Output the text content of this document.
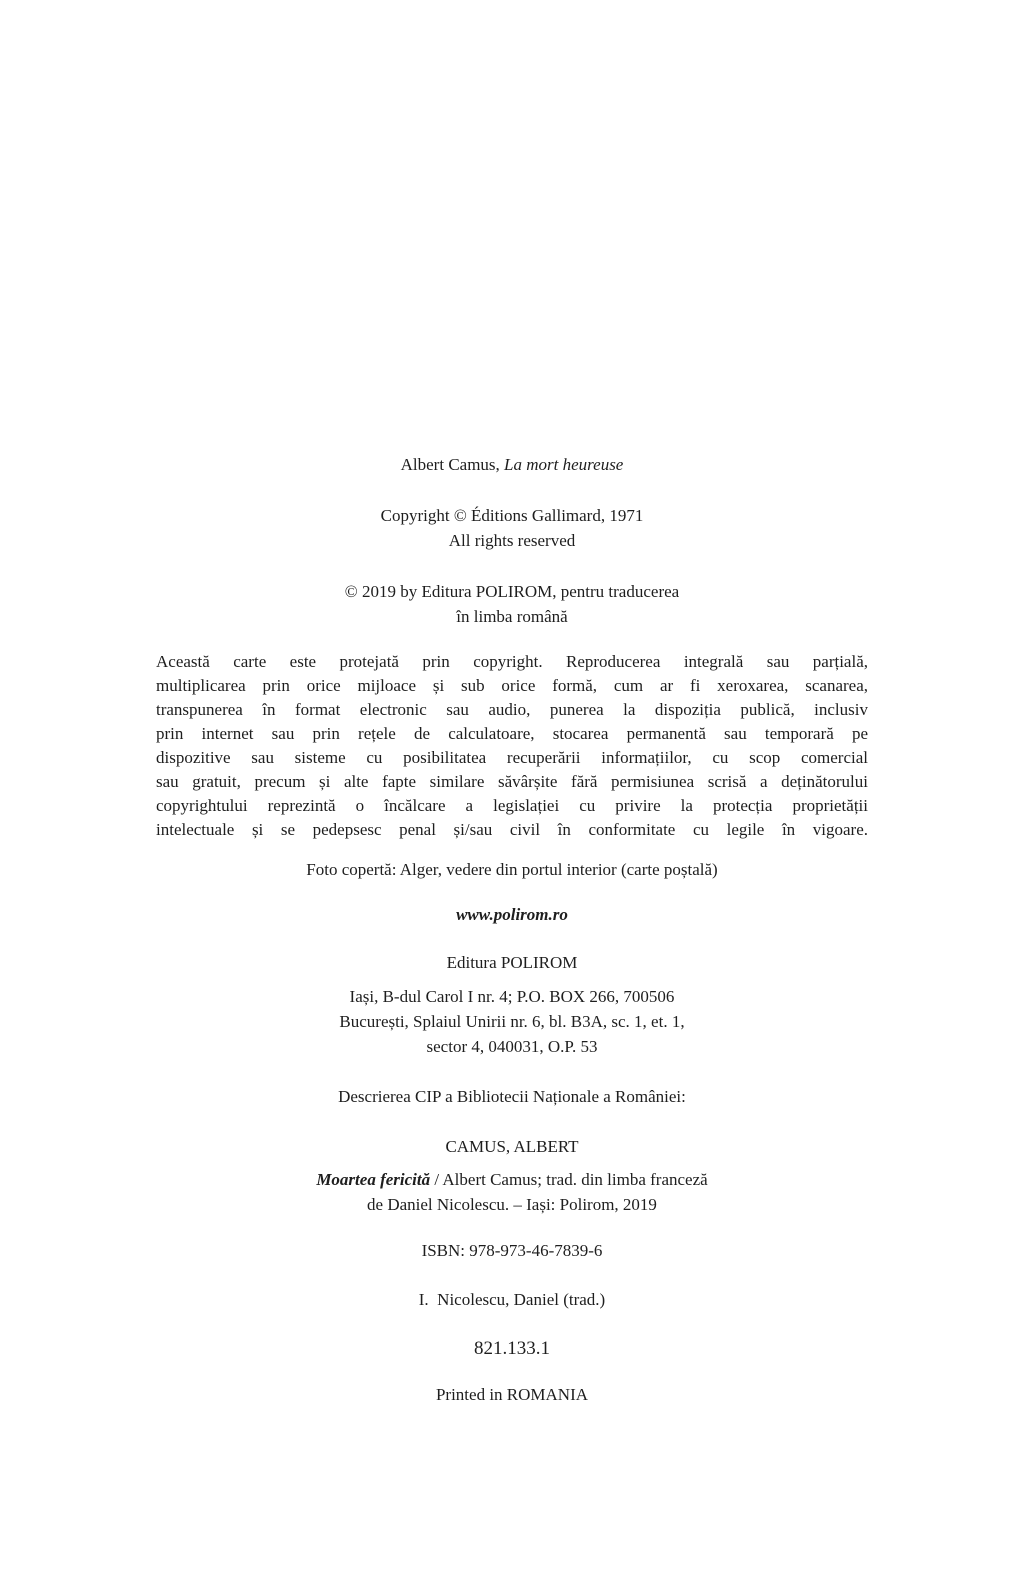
Albert Camus, La mort heureuse

Copyright © Éditions Gallimard, 1971

All rights reserved

© 2019 by Editura POLIROM, pentru traducerea

în limba română

Această carte este protejată prin copyright. Reproducerea integrală sau parțială,
multiplicarea prin orice mijloace și sub orice formă, cum ar fi xeroxarea, scanarea,
transpunerea în format electronic sau audio, punerea la dispoziția publică, inclusiv
prin internet sau prin rețele de calculatoare, stocarea permanentă sau temporară pe
dispozitive sau sisteme cu posibilitatea recuperării informațiilor, cu scop comercial
sau gratuit, precum și alte fapte similare săvârșite fără permisiunea scrisă a deținătorului
copyrightului reprezintă o încălcare a legislației cu privire la protecția proprietății
intelectuale și se pedepsesc penal și/sau civil în conformitate cu legile în vigoare.

Foto copertă: Alger, vedere din portul interior (carte poștală)

www.polirom.ro

Editura POLIROM

Iași, B-dul Carol I nr. 4; P.O. BOX 266, 700506

București, Splaiul Unirii nr. 6, bl. B3A, sc. 1, et. 1,

sector 4, 040031, O.P. 53

Descrierea CIP a Bibliotecii Naționale a României:

CAMUS, ALBERT

Moartea fericită / Albert Camus; trad. din limba franceză

de Daniel Nicolescu. – Iași: Polirom, 2019

ISBN: 978-973-46-7839-6

I.  Nicolescu, Daniel (trad.)

821.133.1

Printed in ROMANIA
